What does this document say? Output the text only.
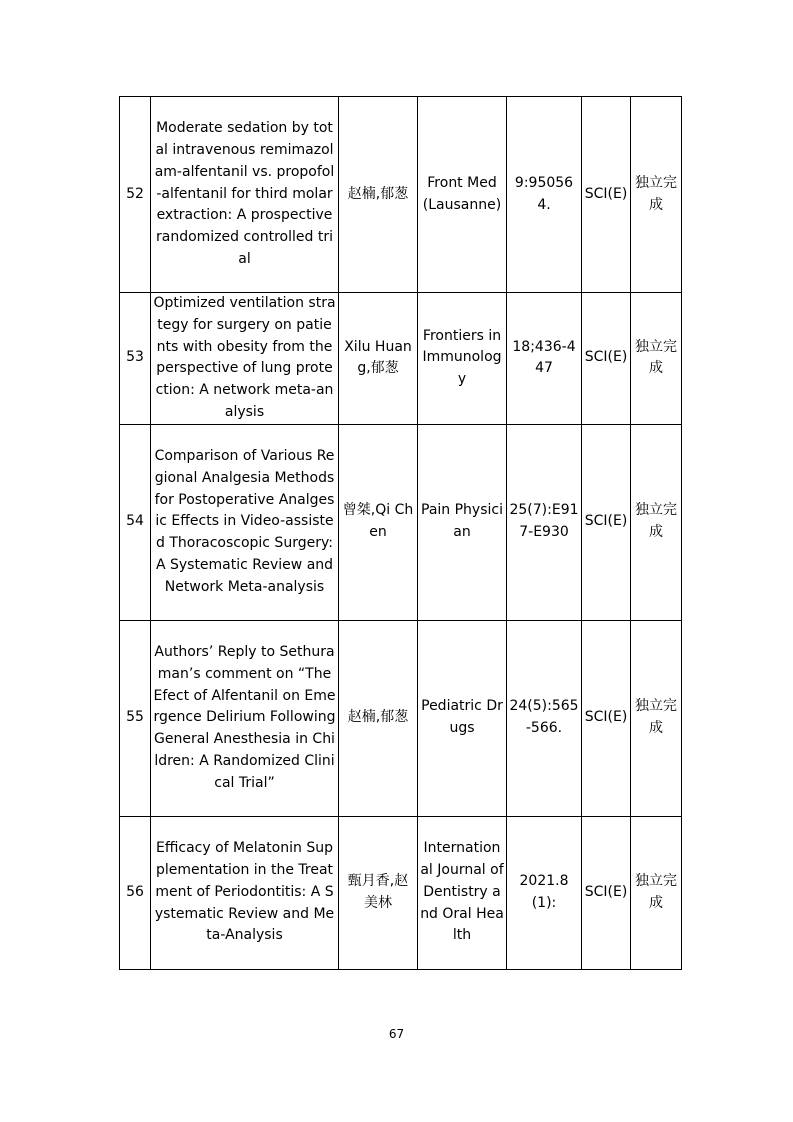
52	Moderate sedation by total intravenous remimazolam-alfentanil vs. propofol-alfentanil for third molar extraction: A prospective randomized controlled trial	赵楠,郁葱	Front Med (Lausanne)	9:950564.	SCI(E)	独立完成
53	Optimized ventilation strategy for surgery on patients with obesity from the perspective of lung protection: A network meta-analysis	Xilu Huang,郁葱	Frontiers in Immunology	18;436-447	SCI(E)	独立完成
54	Comparison of Various Regional Analgesia Methods for Postoperative Analgesic Effects in Video-assisted Thoracoscopic Surgery: A Systematic Review and Network Meta-analysis	曾桀,Qi Chen	Pain Physician	25(7):E917-E930	SCI(E)	独立完成
55	Authors’ Reply to Sethuraman’s comment on “The Efect of Alfentanil on Emergence Delirium Following General Anesthesia in Children: A Randomized Clinical Trial”	赵楠,郁葱	Pediatric Drugs	24(5):565-566.	SCI(E)	独立完成
56	Efficacy of Melatonin Supplementation in the Treatment of Periodontitis: A Systematic Review and Meta-Analysis	甄月香,赵美林	International Journal of Dentistry and Oral Health	2021.8(1):	SCI(E)	独立完成
67
